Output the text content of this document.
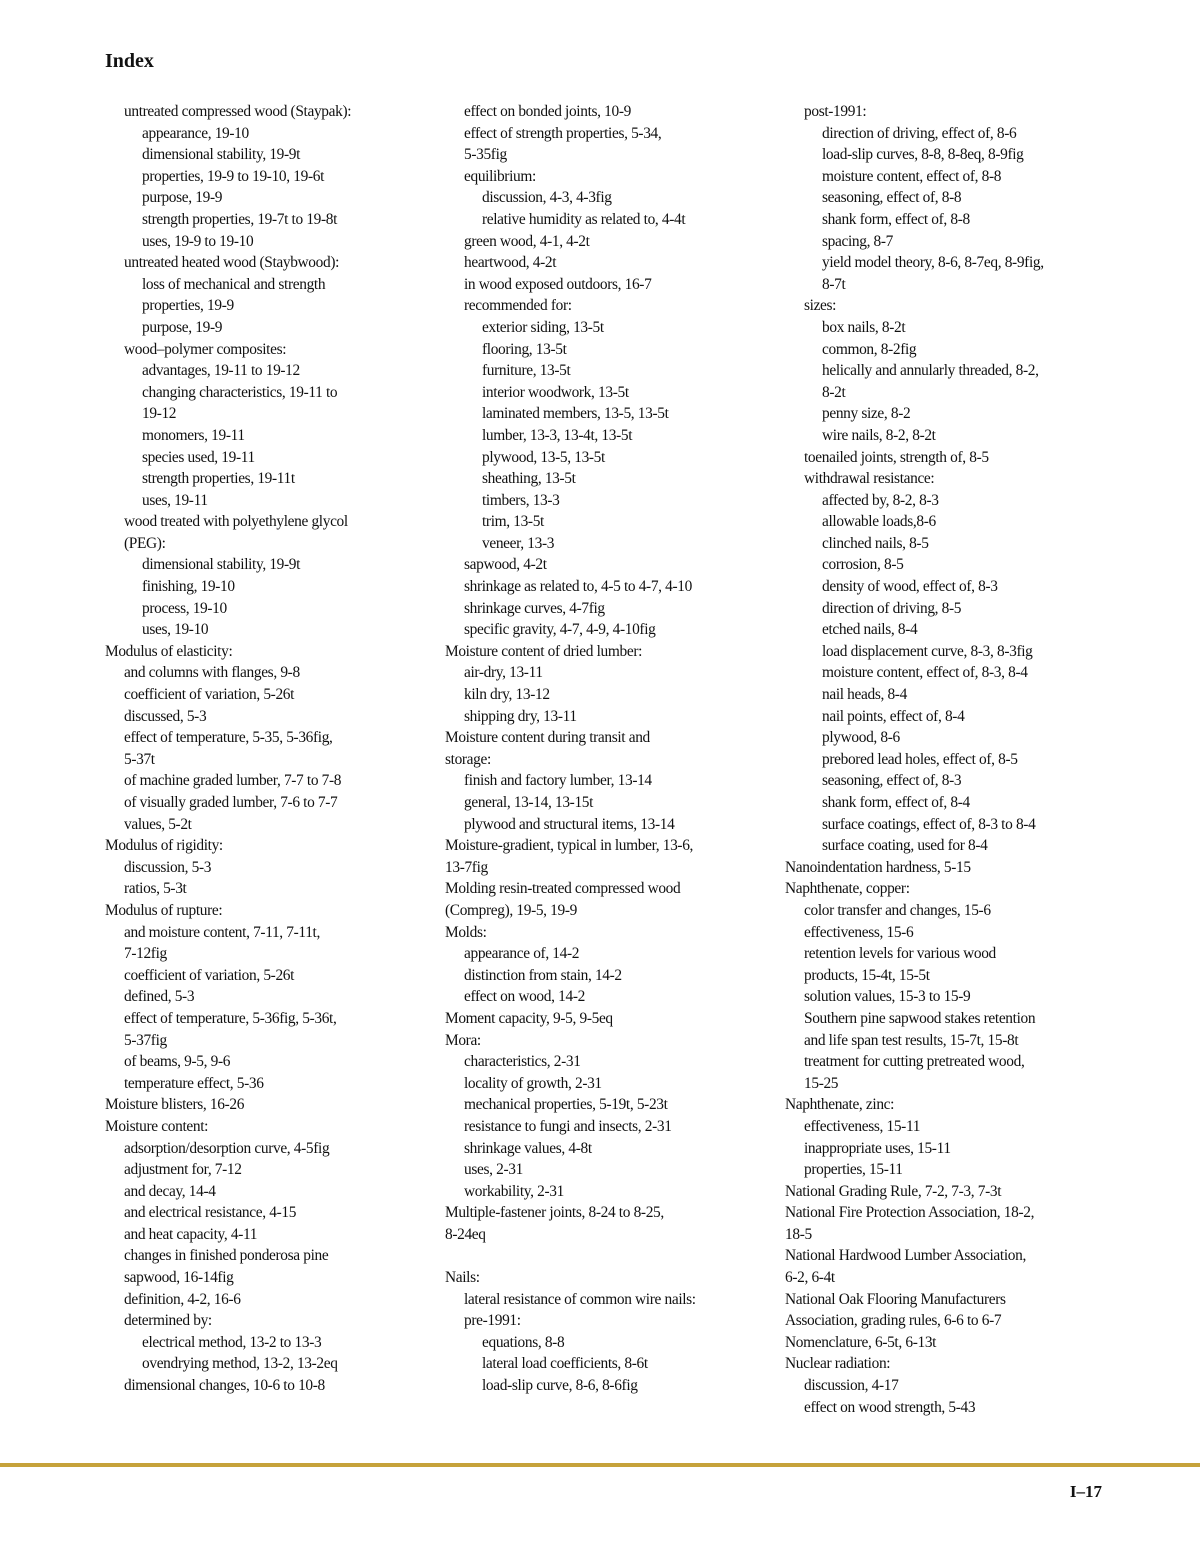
Index
untreated compressed wood (Staypak):
appearance, 19-10
dimensional stability, 19-9t
properties, 19-9 to 19-10, 19-6t
purpose, 19-9
strength properties, 19-7t to 19-8t
uses, 19-9 to 19-10
untreated heated wood (Staybwood):
loss of mechanical and strength
properties, 19-9
purpose, 19-9
wood–polymer composites:
advantages, 19-11 to 19-12
changing characteristics, 19-11 to
19-12
monomers, 19-11
species used, 19-11
strength properties, 19-11t
uses, 19-11
wood treated with polyethylene glycol
(PEG):
dimensional stability, 19-9t
finishing, 19-10
process, 19-10
uses, 19-10
Modulus of elasticity:
and columns with flanges, 9-8
coefficient of variation, 5-26t
discussed, 5-3
effect of temperature, 5-35, 5-36fig,
5-37t
of machine graded lumber, 7-7 to 7-8
of visually graded lumber, 7-6 to 7-7
values, 5-2t
Modulus of rigidity:
discussion, 5-3
ratios, 5-3t
Modulus of rupture:
and moisture content, 7-11, 7-11t,
7-12fig
coefficient of variation, 5-26t
defined, 5-3
effect of temperature, 5-36fig, 5-36t,
5-37fig
of beams, 9-5, 9-6
temperature effect, 5-36
Moisture blisters, 16-26
Moisture content:
adsorption/desorption curve, 4-5fig
adjustment for, 7-12
and decay, 14-4
and electrical resistance, 4-15
and heat capacity, 4-11
changes in finished ponderosa pine
sapwood, 16-14fig
definition, 4-2, 16-6
determined by:
electrical method, 13-2 to 13-3
ovendrying method, 13-2, 13-2eq
dimensional changes, 10-6 to 10-8
effect on bonded joints, 10-9
effect of strength properties, 5-34,
5-35fig
equilibrium:
discussion, 4-3, 4-3fig
relative humidity as related to, 4-4t
green wood, 4-1, 4-2t
heartwood, 4-2t
in wood exposed outdoors, 16-7
recommended for:
exterior siding, 13-5t
flooring, 13-5t
furniture, 13-5t
interior woodwork, 13-5t
laminated members, 13-5, 13-5t
lumber, 13-3, 13-4t, 13-5t
plywood, 13-5, 13-5t
sheathing, 13-5t
timbers, 13-3
trim, 13-5t
veneer, 13-3
sapwood, 4-2t
shrinkage as related to, 4-5 to 4-7, 4-10
shrinkage curves, 4-7fig
specific gravity, 4-7, 4-9, 4-10fig
Moisture content of dried lumber:
air-dry, 13-11
kiln dry, 13-12
shipping dry, 13-11
Moisture content during transit and
storage:
finish and factory lumber, 13-14
general, 13-14, 13-15t
plywood and structural items, 13-14
Moisture-gradient, typical in lumber, 13-6,
13-7fig
Molding resin-treated compressed wood
(Compreg), 19-5, 19-9
Molds:
appearance of, 14-2
distinction from stain, 14-2
effect on wood, 14-2
Moment capacity, 9-5, 9-5eq
Mora:
characteristics, 2-31
locality of growth, 2-31
mechanical properties, 5-19t, 5-23t
resistance to fungi and insects, 2-31
shrinkage values, 4-8t
uses, 2-31
workability, 2-31
Multiple-fastener joints, 8-24 to 8-25,
8-24eq
Nails:
lateral resistance of common wire nails:
pre-1991:
equations, 8-8
lateral load coefficients, 8-6t
load-slip curve, 8-6, 8-6fig
post-1991:
direction of driving, effect of, 8-6
load-slip curves, 8-8, 8-8eq, 8-9fig
moisture content, effect of, 8-8
seasoning, effect of, 8-8
shank form, effect of, 8-8
spacing, 8-7
yield model theory, 8-6, 8-7eq, 8-9fig,
8-7t
sizes:
box nails, 8-2t
common, 8-2fig
helically and annularly threaded, 8-2,
8-2t
penny size, 8-2
wire nails, 8-2, 8-2t
toenailed joints, strength of, 8-5
withdrawal resistance:
affected by, 8-2, 8-3
allowable loads,8-6
clinched nails, 8-5
corrosion, 8-5
density of wood, effect of, 8-3
direction of driving, 8-5
etched nails, 8-4
load displacement curve, 8-3, 8-3fig
moisture content, effect of, 8-3, 8-4
nail heads, 8-4
nail points, effect of, 8-4
plywood, 8-6
prebored lead holes, effect of, 8-5
seasoning, effect of, 8-3
shank form, effect of, 8-4
surface coatings, effect of, 8-3 to 8-4
surface coating, used for 8-4
Nanoindentation hardness, 5-15
Naphthenate, copper:
color transfer and changes, 15-6
effectiveness, 15-6
retention levels for various wood
products, 15-4t, 15-5t
solution values, 15-3 to 15-9
Southern pine sapwood stakes retention
and life span test results, 15-7t, 15-8t
treatment for cutting pretreated wood,
15-25
Naphthenate, zinc:
effectiveness, 15-11
inappropriate uses, 15-11
properties, 15-11
National Grading Rule, 7-2, 7-3, 7-3t
National Fire Protection Association, 18-2,
18-5
National Hardwood Lumber Association,
6-2, 6-4t
National Oak Flooring Manufacturers
Association, grading rules, 6-6 to 6-7
Nomenclature, 6-5t, 6-13t
Nuclear radiation:
discussion, 4-17
effect on wood strength, 5-43
I–17
